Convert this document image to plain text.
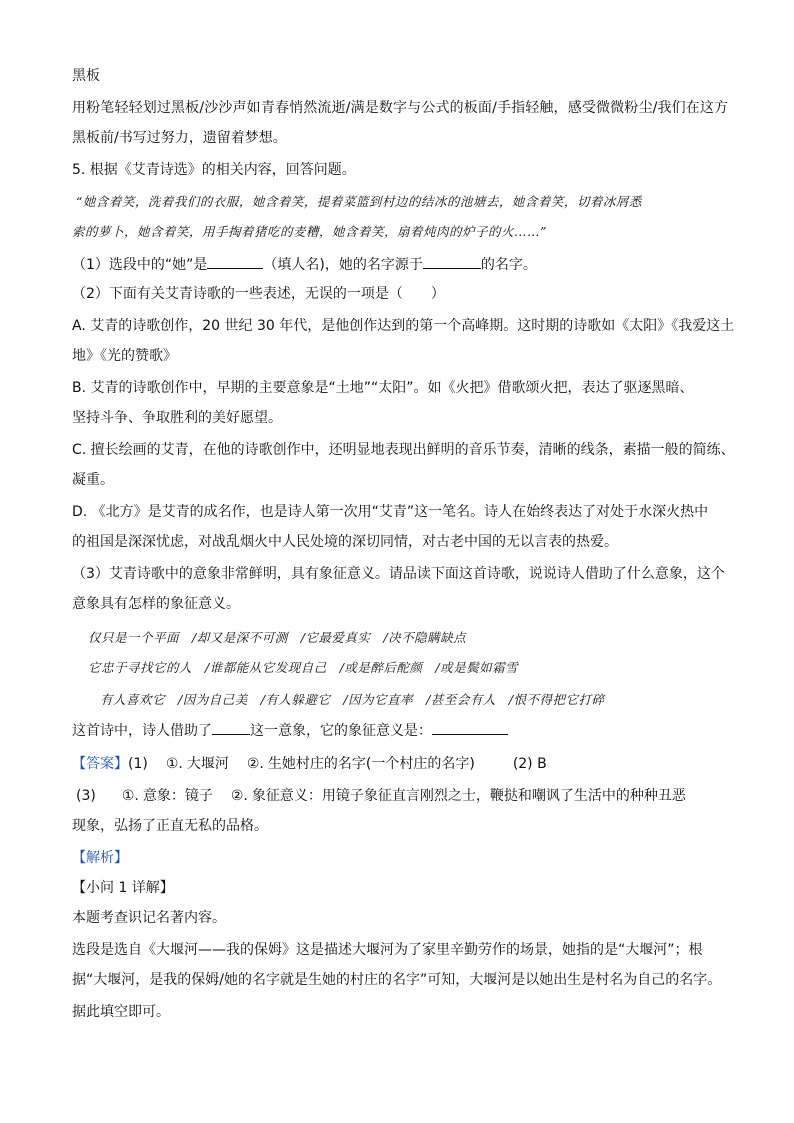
黑板
用粉笔轻轻划过黑板/沙沙声如青春悄然流逝/满是数字与公式的板面/手指轻触，感受微微粉尘/我们在这方
黑板前/书写过努力，遗留着梦想。
5. 根据《艾青诗选》的相关内容，回答问题。
“她含着笑，洗着我们的衣服，她含着笑，提着菜篮到村边的结冰的池塘去，她含着笑，切着冰屑悉
索的萝卜，她含着笑，用手掏着猪吃的麦糟，她含着笑，扇着炖肉的炉子的火……”
（1）选段中的“她”是	（填人名)，她的名字源于	的名字。
（2）下面有关艾青诗歌的一些表述，无误的一项是（　　）
A. 艾青的诗歌创作，20 世纪 30 年代，是他创作达到的第一个高峰期。这时期的诗歌如《太阳》《我爱这土
地》《光的赞歌》
B. 艾青的诗歌创作中，早期的主要意象是“土地”“太阳”。如《火把》借歌颂火把，表达了驱逐黑暗、
坚持斗争、争取胜利的美好愿望。
C. 擅长绘画的艾青，在他的诗歌创作中，还明显地表现出鲜明的音乐节奏，清晰的线条，素描一般的简练、
凝重。
D. 《北方》是艾青的成名作，也是诗人第一次用“艾青”这一笔名。诗人在始终表达了对处于水深火热中
的祖国是深深忧虑，对战乱烟火中人民处境的深切同情，对古老中国的无以言表的热爱。
（3）艾青诗歌中的意象非常鲜明，具有象征意义。请品读下面这首诗歌，说说诗人借助了什么意象，这个
意象具有怎样的象征意义。
仅只是一个平面　/却又是深不可测　/它最爱真实　/决不隐瞒缺点
它忠于寻找它的人　/谁都能从它发现自己　/或是醉后酡颜　/或是鬓如霜雪
有人喜欢它　/因为自己美　/有人躲避它　/因为它直率　/甚至会有人　/恨不得把它打碎
这首诗中，诗人借助了	这一意象，它的象征意义是：
【答案】(1) ①. 大堰河 ②. 生她村庄的名字(一个村庄的名字)	(2) B
(3) ①. 意象：镜子 ②. 象征意义：用镜子象征直言刚烈之士，鞭挞和嘲讽了生活中的种种丑恶
现象，弘扬了正直无私的品格。
【解析】
【小问 1 详解】
本题考查识记名著内容。
选段是选自《大堰河——我的保姆》这是描述大堰河为了家里辛勤劳作的场景，她指的是“大堰河”；根
据“大堰河，是我的保姆/她的名字就是生她的村庄的名字”可知，大堰河是以她出生是村名为自己的名字。
据此填空即可。
